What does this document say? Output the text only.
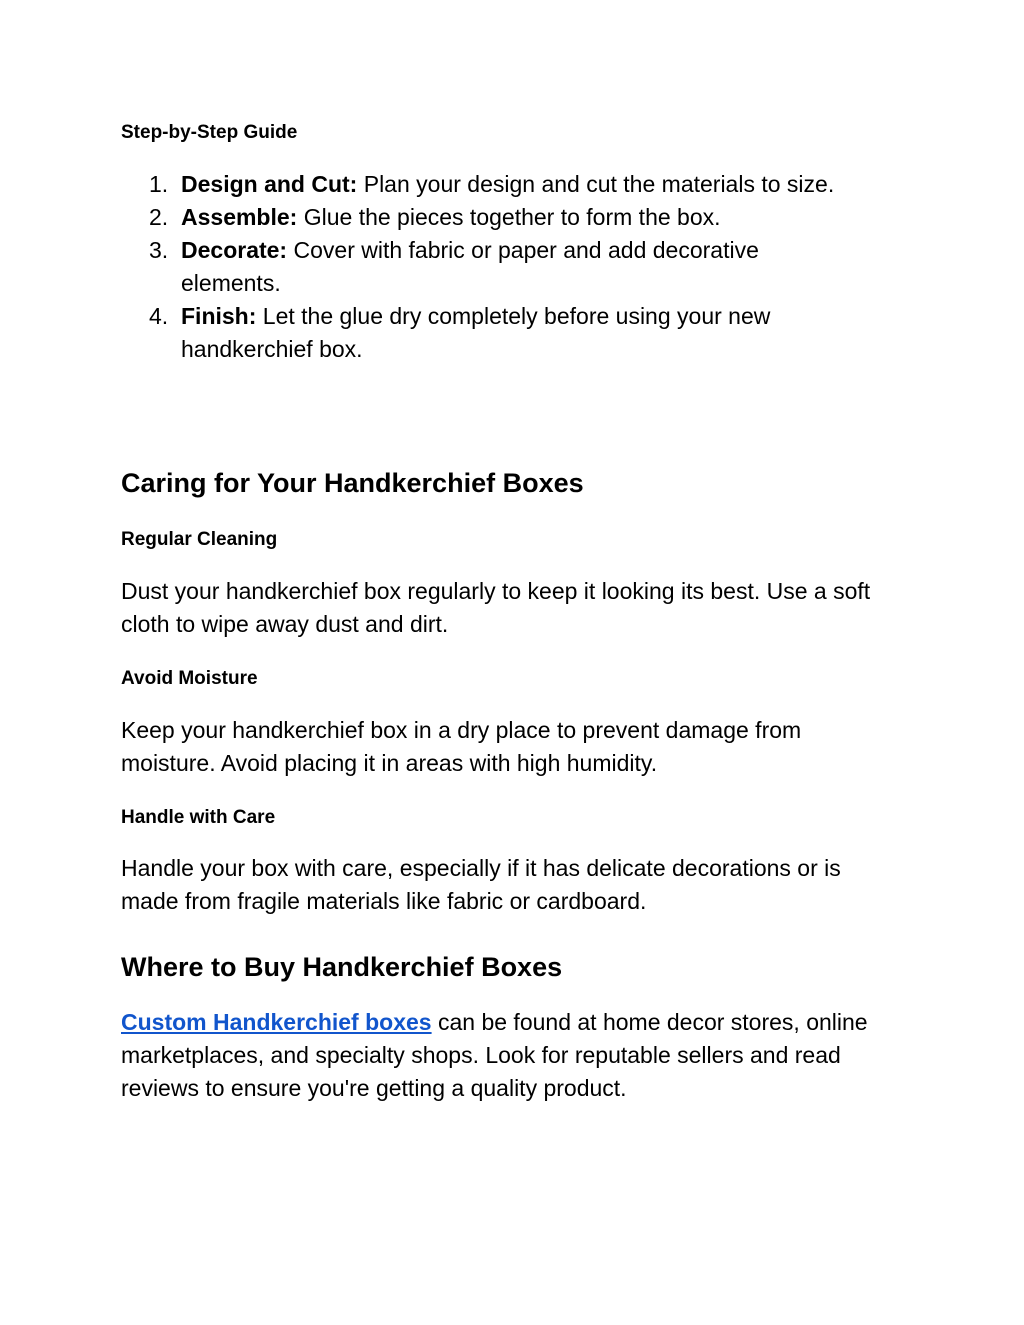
Step-by-Step Guide
1. Design and Cut: Plan your design and cut the materials to size.
2. Assemble: Glue the pieces together to form the box.
3. Decorate: Cover with fabric or paper and add decorative elements.
4. Finish: Let the glue dry completely before using your new handkerchief box.
Caring for Your Handkerchief Boxes
Regular Cleaning

Dust your handkerchief box regularly to keep it looking its best. Use a soft cloth to wipe away dust and dirt.

Avoid Moisture

Keep your handkerchief box in a dry place to prevent damage from moisture. Avoid placing it in areas with high humidity.

Handle with Care

Handle your box with care, especially if it has delicate decorations or is made from fragile materials like fabric or cardboard.

Where to Buy Handkerchief Boxes

Custom Handkerchief boxes can be found at home decor stores, online marketplaces, and specialty shops. Look for reputable sellers and read reviews to ensure you're getting a quality product.
